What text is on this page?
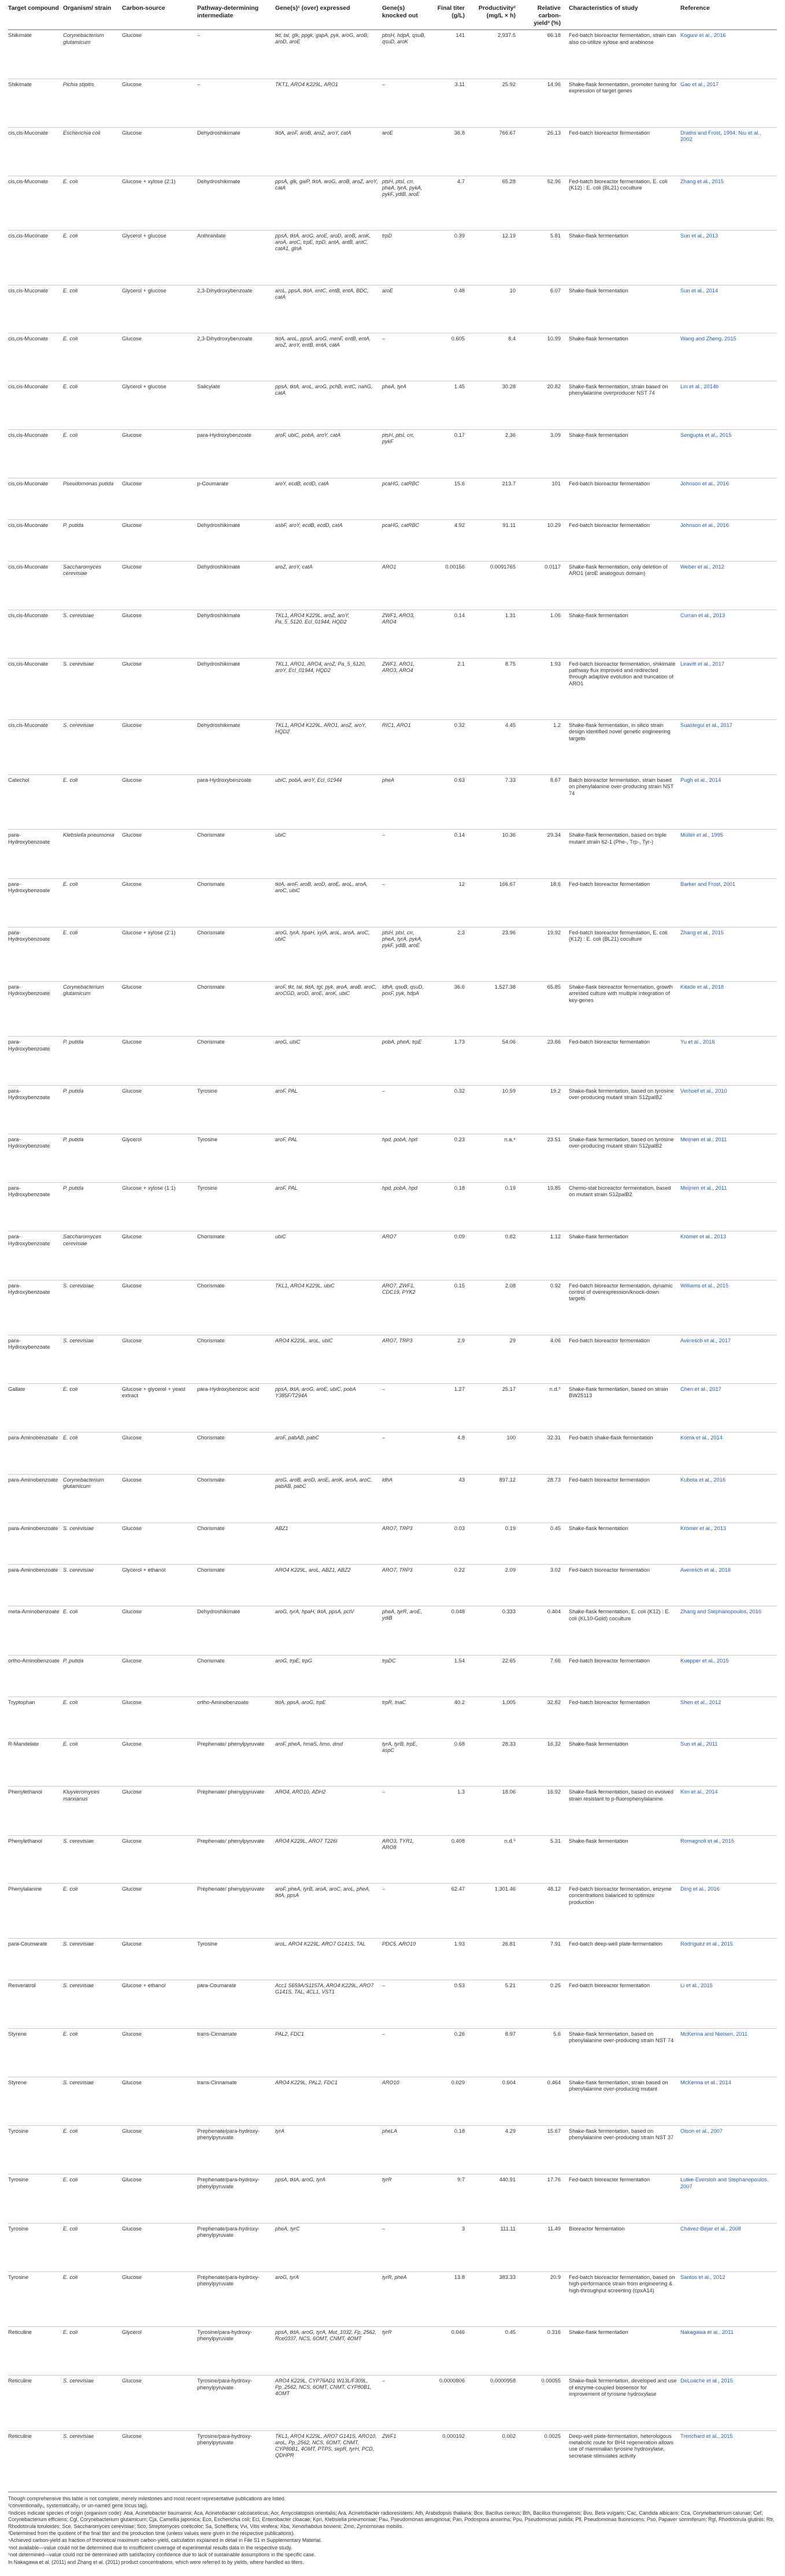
Target compound	Organism/ strain	Carbon-source	Pathway-determining intermediate	Gene(s)¹ (over) expressed	Gene(s) knocked out	Final titer (g/L)	Productivity² (mg/L × h)	Relative carbon-yield³ (%)	Characteristics of study	Reference
Shikimate	Corynebacterium glutamicum	Glucose	–	tkt, tal, glk, ppgk, gapA, pyk, aroG, aroB, aroD, aroE	pbsH, hdpA, qsuB, qsuD, aroK	141	2,937.5	66.18	Fed-batch bioreactor fermentation, strain can also co-utilize xylose and arabinose	Kogure et al., 2016
Shikimate	Pichia stipitis	Glucose	–	TKT1, ARO4 K229L, ARO1	–	3.11	25.92	14.96	Shake-flask fermentation, promoter tuning for expression of target genes	Gao et al., 2017
cis,cis-Muconate	Escherichia coli	Glucose	Dehydroshikimate	tktA, aroF, aroB, aroZ, aroY, catA	aroE	36.8	766.67	26.13	Fed-batch bioreactor fermentation	Draths and Frost, 1994; Niu et al., 2002
cis,cis-Muconate	E. coli	Glucose + xylose (2:1)	Dehydroshikimate	ppsA, glk, galP, tktA, aroG, aroB, aroZ, aroY, catA	ptsH, ptsI, crr, pheA, tyrA, pykA, pykF, ydiB, aroE	4.7	65.28	52.96	Fed-batch bioreactor fermentation, E. coli (K12) : E. coli (BL21) coculture	Zhang et al., 2015
cis,cis-Muconate	E. coli	Glycerol + glucose	Anthranilate	ppsA, tktA, aroG, aroE, aroD, aroB, aroK, aroA, aroC, trpE, trpD, antA, antB, antC, catA1, glnA	trpD	0.39	12.19	5.81	Shake-flask fermentation	Sun et al., 2013
cis,cis-Muconate	E. coli	Glycerol + glucose	2,3-Dihydroxybenzoate	aroL, ppsA, tktA, entC, entB, entA, BDC, catA	aroE	0.48	10	6.07	Shake-flask fermentation	Sun et al., 2014
cis,cis-Muconate	E. coli	Glucose	2,3-Dihydroxybenzoate	tktA, aroL, ppsA, aroG, menF, entB, entA, aroZ, aroY, entB, entA, catA	–	0.605	8.4	10.99	Shake-flask fermentation	Wang and Zheng, 2015
cis,cis-Muconate	E. coli	Glycerol + glucose	Salicylate	ppsA, tktA, aroL, aroG, pchB, entC, nahG, catA	pheA, tyrA	1.45	30.28	20.82	Shake-flask fermentation, strain based on phenylalanine overproducer NST 74	Lin et al., 2014b
cis,cis-Muconate	E. coli	Glucose	para-Hydroxybenzoate	aroF, ubiC, pobA, aroY, catA	ptsH, ptsI, crr, pykF	0.17	2.36	3.09	Shake-flask fermentation	Sengupta et al., 2015
cis,cis-Muconate	Pseudomonas putida	Glucose	p-Coumarate	aroY, ecdB, ecdD, catA	pcaHG, catRBC	15.6	213.7	101	Fed-batch bioreactor fermentation	Johnson et al., 2016
cis,cis-Muconate	P. putida	Glucose	Dehydroshikimate	asbF, aroY, ecdB, ecdD, catA	pcaHG, catRBC	4.92	91.11	10.29	Fed-batch bioreactor fermentation	Johnson et al., 2016
cis,cis-Muconate	Saccharomyces cerevisiae	Glucose	Dehydroshikimate	aroZ, aroY, catA	ARO1	0.00156	0.0091765	0.0117	Shake-flask fermentation, only deletion of ARO1 (aroE analogous domain)	Weber et al., 2012
cis,cis-Muconate	S. cerevisiae	Glucose	Dehydroshikimate	TKL1, ARO4 K229L, aroZ, aroY, Pa_5_5120, Ecl_01944, HQD2	ZWF1, ARO3, ARO4	0.14	1.31	1.06	Shake-flask fermentation	Curran et al., 2013
cis,cis-Muconate	S. cerevisiae	Glucose	Dehydroshikimate	TKL1, ARO1, ARO4, aroZ, Pa_5_5120, aroY, Ecl_01944, HQD2	ZWF1, ARO1, ARO3, ARO4	2.1	8.75	1.93	Fed-batch bioreactor fermentation, shikimate pathway flux improved and redirected through adaptive evolution and truncation of ARO1	Leavitt et al., 2017
cis,cis-Muconate	S. cerevisiae	Glucose	Dehydroshikimate	TKL1, ARO4 K229L, ARO1, aroZ, aroY, HQD2	RIC1, ARO1	0.32	4.45	1.2	Shake-flask fermentation, in silico strain design identified novel genetic engineering targets	Suastegui et al., 2017
Catechol	E. coli	Glucose	para-Hydroxybenzoate	ubiC, pobA, aroY, Ecl_01944	pheA	0.63	7.33	8.67	Batch bioreactor fermentation, strain based on phenylalanine over-producing strain NST 74	Pugh et al., 2014
para-Hydroxybenzoate	Klebsiella pneumonia	Glucose	Chorismate	ubiC	–	0.14	10.36	29.34	Shake-flask fermentation, based on triple mutant strain 62-1 (Phe-, Trp-, Tyr-)	Müller et al., 1995
para-Hydroxybenzoate	E. coli	Glucose	Chorismate	tktA, aroF, aroB, aroD, aroE, aroL, aroA, aroC, ubiC	–	12	166.67	18.6	Fed-batch bioreactor fermentation	Barker and Frost, 2001
para-Hydroxybenzoate	E. coli	Glucose + xylose (2:1)	Chorismate	aroG, tyrA, hpaH, xylA, aroL, aroA, aroC, ubiC	ptsH, ptsI, crr, pheA, tyrA, pykA, pykF, ydiB, aroE	2.3	23.96	19.92	Fed-batch bioreactor fermentation, E. coli (K12) : E. coli (BL21) coculture	Zhang et al., 2015
para-Hydroxybenzoate	Corynebacterium glutamicum	Glucose	Chorismate	aroF, tkt, tal, tktA, tgl, pyk, aroA, aroB, aroC, aroCGD, aroD, aroE, aroK, ubiC	ldhA, qsuB, qsuD, poxF, pyk, hdpA	36.6	1,527.38	65.85	Shake-flask bioreactor fermentation, growth arrested culture with multiple integration of key-genes	Kitade et al., 2018
para-Hydroxybenzoate	P. putida	Glucose	Chorismate	aroG, ubiC	pobA, pheA, trpE	1.73	54.06	23.66	Fed-batch bioreactor fermentation	Yu et al., 2016
para-Hydroxybenzoate	P. putida	Glucose	Tyrosine	aroF, PAL	–	0.32	10.59	19.2	Shake-flask fermentation, based on tyrosine over-producing mutant strain S12palB2	Verhoef et al., 2010
para-Hydroxybenzoate	P. putida	Glycerol	Tyrosine	aroF, PAL	hpd, pobA, hpd	0.23	n.a.⁴	23.51	Shake-flask fermentation, based on tyrosine over-producing mutant strain S12palB2	Meijnen et al., 2011
para-Hydroxybenzoate	P. putida	Glucose + xylose (1:1)	Tyrosine	aroF, PAL	hpd, pobA, hpd	0.18	0.19	19.85	Chemo-stat bioreactor fermentation, based on mutant strain S12palB2	Meijnen et al., 2011
para-Hydroxybenzoate	Saccharomyces cerevisiae	Glucose	Chorismate	ubiC	ARO7	0.09	0.82	1.12	Shake-flask fermentation	Krömer et al., 2013
para-Hydroxybenzoate	S. cerevisiae	Glucose	Chorismate	TKL1, ARO4 K229L, ubiC	ARO7, ZWF1, CDC19, PYK2	0.15	2.08	0.92	Fed-batch bioreactor fermentation, dynamic control of overexpression/knock-down targets	Williams et al., 2015
para-Hydroxybenzoate	S. cerevisiae	Glucose	Chorismate	ARO4 K229L, aroL, ubiC	ARO7, TRP3	2.9	29	4.06	Fed-batch bioreactor fermentation	Averesch et al., 2017
Gallate	E. coli	Glucose + glycerol + yeast extract	para-Hydroxybenzoic acid	ppsA, tktA, aroG, aroE, ubiC, pobA Y385F/T294A	–	1.27	25.17	n.d.⁵	Shake-flask fermentation, based on strain BW25113	Chen et al., 2017
para-Aminobenzoate	E. coli	Glucose	Chorismate	aroF, pabAB, pabC	–	4.8	100	32.31	Fed-batch shake-flask fermentation	Koma et al., 2014
para-Aminobenzoate	Corynebacterium glutamicum	Glucose	Chorismate	aroG, aroB, aroD, aroE, aroK, aroA, aroC, pabAB, pabC	ldhA	43	897.12	28.73	Fed-batch bioreactor fermentation	Kubota et al., 2016
para-Aminobenzoate	S. cerevisiae	Glucose	Chorismate	ABZ1	ARO7, TRP3	0.03	0.19	0.45	Shake-flask fermentation	Krömer et al., 2013
para-Aminobenzoate	S. cerevisiae	Glycerol + ethanol	Chorismate	ARO4 K229L, aroL, ABZ1, ABZ2	ARO7, TRP3	0.22	2.09	3.02	Fed-batch bioreactor fermentation	Averesch et al., 2016
meta-Aminobenzoate	E. coli	Glucose	Dehydroshikimate	aroG, tyrA, hpaH, tktA, ppsA, pctV	pheA, tyrR, aroE, ydiB	0.048	0.333	0.404	Shake-flask fermentation, E. coli (K12) : E. coli (KL10-Gold) coculture	Zhang and Stephanopoulos, 2016
ortho-Aminobenzoate	P. putida	Glucose	Chorismate	aroG, trpE, trpG	trpDC	1.54	22.65	7.66	Fed-batch bioreactor fermentation	Kuepper et al., 2015
Tryptophan	E. coli	Glucose	ortho-Aminobenzoate	tktA, ppsA, aroG, trpE	trpR, tnaC	40.2	1,005	32.82	Fed-batch bioreactor fermentation	Shen et al., 2012
R-Mandelate	E. coli	Glucose	Prephenate/ phenylpyruvate	aroF, pheA, hmaS, hmo, dmd	tyrA, tyrB, trpE, aspC	0.68	28.33	16.32	Shake-flask fermentation	Sun et al., 2011
Phenylethanol	Kluyveromyces marxianus	Glucose	Prephenate/ phenylpyruvate	ARO4, ARO10, ADH2	–	1.3	18.06	16.92	Shake-flask fermentation, based on evolved strain resistant to p-fluorophenylalanine	Kim et al., 2014
Phenylethanol	S. cerevisiae	Glucose	Prephenate/ phenylpyruvate	ARO4 K229L, ARO7 T226I	ARO3, TYR1, ARO8	0.408	n.d.⁵	5.31	Shake-flask fermentation	Romagnoli et al., 2015
Phenylalanine	E. coli	Glucose	Prephenate/ phenylpyruvate	aroF, pheA, tyrB, aroA, aroC, aroL, pheA, tktA, ppsA	–	62.47	1,301.46	48.12	Fed-batch bioreactor fermentation, enzyme concentrations balanced to optimize production	Ding et al., 2016
para-Coumarate	S. cerevisiae	Glucose	Tyrosine	aroL, ARO4 K229L, ARO7 G141S, TAL	PDC5, ARO10	1.93	26.81	7.91	Fed-batch deep-well plate-fermentation	Rodriguez et al., 2015
Resveratrol	S. cerevisiae	Glucose + ethanol	para-Coumarate	Acc1 S659A/S1157A, ARO4 K229L, ARO7 G141S, TAL, 4CL1, VST1	–	0.53	5.21	0.25	Fed-batch bioreactor fermentation	Li et al., 2015
Styrene	E. coli	Glucose	trans-Cinnamate	PAL2, FDC1	–	0.26	8.97	5.6	Shake-flask fermentation, based on phenylalanine over-producing strain NST 74	McKenna and Nielsen, 2011
Styrene	S. cerevisiae	Glucose	trans-Cinnamate	ARO4 K229L, PAL2, FDC1	ARO10	0.029	0.604	0.464	Shake-flask fermentation, strain based on phenylalanine over-producing mutant	McKenna et al., 2014
Tyrosine	E. coli	Glucose	Prephenate/para-hydroxy-phenylpyruvate	tyrA	pheLA	0.18	4.29	15.67	Shake-flask fermentation, based on phenylalanine over-producing strain NST 37	Olson et al., 2007
Tyrosine	E. coli	Glucose	Prephenate/para-hydroxy-phenylpyruvate	ppsA, tktA, aroG, tyrA	tyrR	9.7	440.91	17.76	Fed-batch bioreactor fermentation	Lutke-Eversloh and Stephanopoulos, 2007
Tyrosine	E. coli	Glucose	Prephenate/para-hydroxy-phenylpyruvate	pheA, tyrC	–	3	111.11	11.49	Bioreactor fermentation	Chávez-Béjar et al., 2008
Tyrosine	E. coli	Glucose	Prephenate/para-hydroxy-phenylpyruvate	aroG, tyrA	tyrR, pheA	13.8	383.33	20.9	Fed-batch bioreactor fermentation, based on high-performance strain from engineering & high-throughput screening (cpxA14)	Santos et al., 2012
Reticuline	E. coli	Glycerol	Tyrosine/para-hydroxy-phenylpyruvate	ppsA, tktA, aroG, tyrA, Mut_1032, Fp_2562, Rce0337, NCS, 6OMT, CNMT, 4OMT	tyrR	0.046	0.45	0.316	Shake-flask fermentation	Nakagawa et al., 2011
Reticuline	S. cerevisiae	Glucose	Tyrosine/para-hydroxy-phenylpyruvate	ARO4 K229L, CYP76AD1 W13L/F309L, Pp_2562, NCS, 6OMT, CNMT, CYP80B1, 4OMT	–	0.0000806	0.0000958	0.00055	Shake-flask fermentation, developed and use of enzyme-coupled biosensor for improvement of tyrosine hydroxylase	DeLoache et al., 2015
Reticuline	S. cerevisiae	Glucose	Tyrosine/para-hydroxy-phenylpyruvate	TKL1, ARO4 K229L, ARO7 G141S, ARO10, aroL, Pp_2562, NCS, 6OMT, CNMT, CYP80B1, 4OMT, PTPS, sepR, tyrH, PCD, QDHPR	ZWF1	0.000192	0.002	0.0025	Deep-well plate-fermentation, heterologous metabolic route for BH4 regeneration allows use of mammalian tyrosine hydroxylase, secretase stimulates activity	Trenchard et al., 2015

Though comprehensive this table is not complete, merely milestones and most recent representative publications are listed.

¹conventionally₁, systematically₂ or un-named gene locus tag).

²Indices indicate species of origin (organism code): Aba, Acinetobacter baumannii; Aca, Acinetobacter calcoaceticus; Aor, Amycolatopsis orientalis; Ara, Acinetobacter radioresistens; Ath, Arabidopsis thaliana; Bce, Bacillus cereus; Bth, Bacillus thuringiensis; Bvu, Beta vulgaris; Cac, Candida albicans; Cca, Corynebacterium calunae; Cef, Corynebacterium efficiens; Cgl, Corynebacterium glutamicum; Cja, Camellia japonica; Eco, Escherichia coli; Ecl, Enterobacter cloacae; Kpn, Klebsiella pneumoniae; Pau, Pseudomonas aeruginosa; Pan, Podospora anserina; Ppu, Pseudomonas putida; Pfl, Pseudomonas fluorescens; Pso, Papaver somniferum; Rgl, Rhodotorula glutinis; Rtr, Rhodotorula toruloides; Sce, Saccharomyces cerevisiae; Sco, Streptomyces coelicolor; Sa, Schefflera; Vvi, Vitis vinifera; Xba, Xenorhabdus bovienii; Zmo, Zymomonas mobilis.

³Determined from the quotient of the final titer and the production time (unless values were given in the respective publications).

⁴Achieved carbon-yield as fraction of theoretical maximum carbon-yield, calculation explained in detail in File S1 in Supplementary Material.

⁴not available—value could not be determined due to insufficient coverage of experimental results data in the respective study.

⁵not determined—value could not be determined with satisfactory confidence due to lack of sustainable assumptions in the specific case.

In Nakagawa et al. (2011) and Zhang et al. (2011) product concentrations, which were referred to by yields, where handled as titers.
